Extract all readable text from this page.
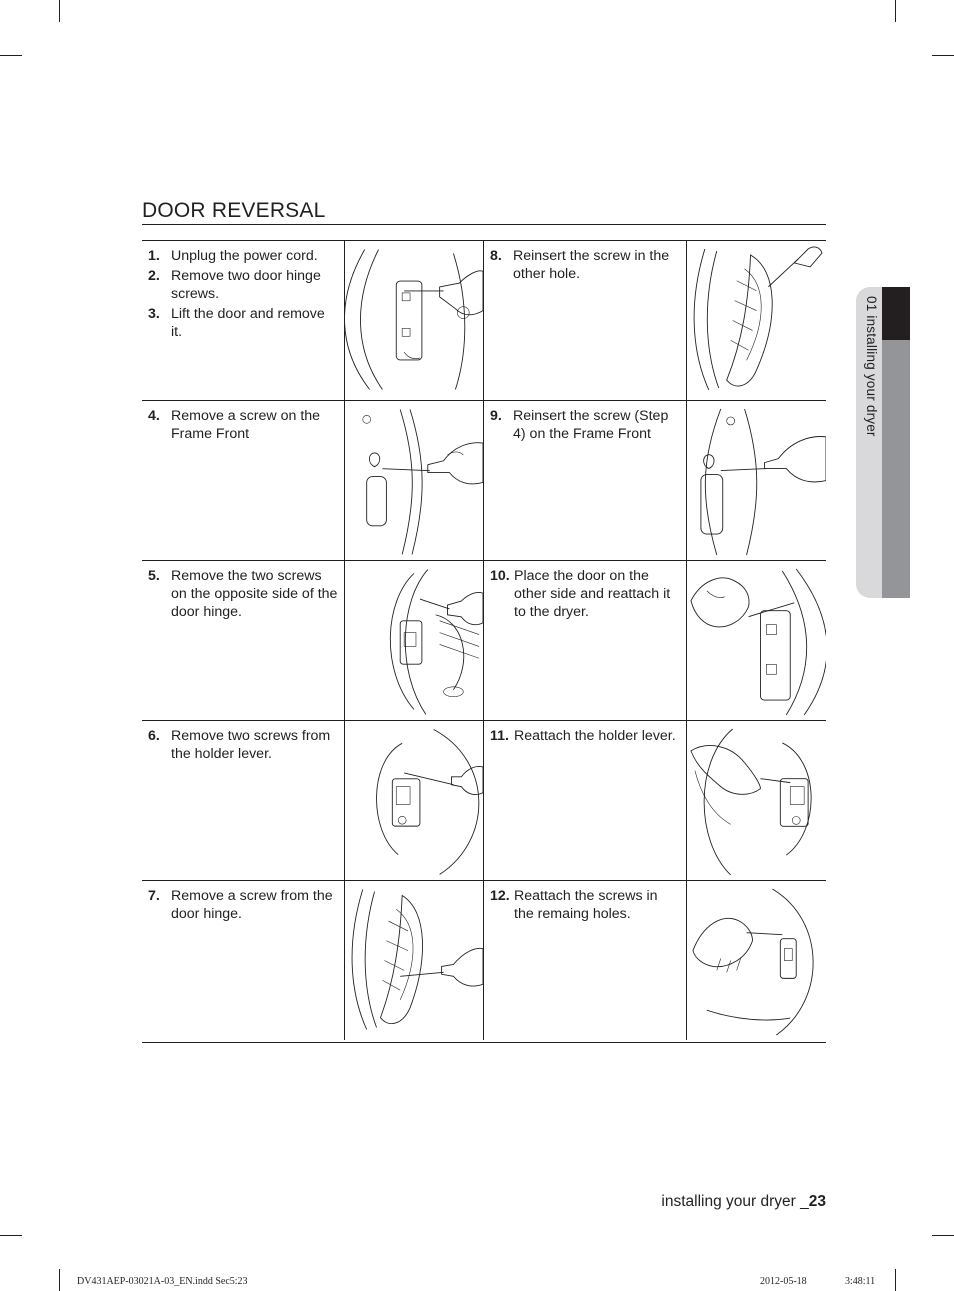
DOOR REVERSAL
1. Unplug the power cord.
2. Remove two door hinge screws.
3. Lift the door and remove it.
8. Reinsert the screw in the other hole.
4. Remove a screw on the Frame Front
9. Reinsert the screw (Step 4) on the Frame Front
5. Remove the two screws on the opposite side of the door hinge.
10. Place the door on the other side and reattach it to the dryer.
6. Remove two screws from the holder lever.
11. Reattach the holder lever.
7. Remove a screw from the door hinge.
12. Reattach the screws in the remaing holes.
01 installing your dryer
installing your dryer _23
DV431AEP-03021A-03_EN.indd Sec5:23	2012-05-18	3:48:11
